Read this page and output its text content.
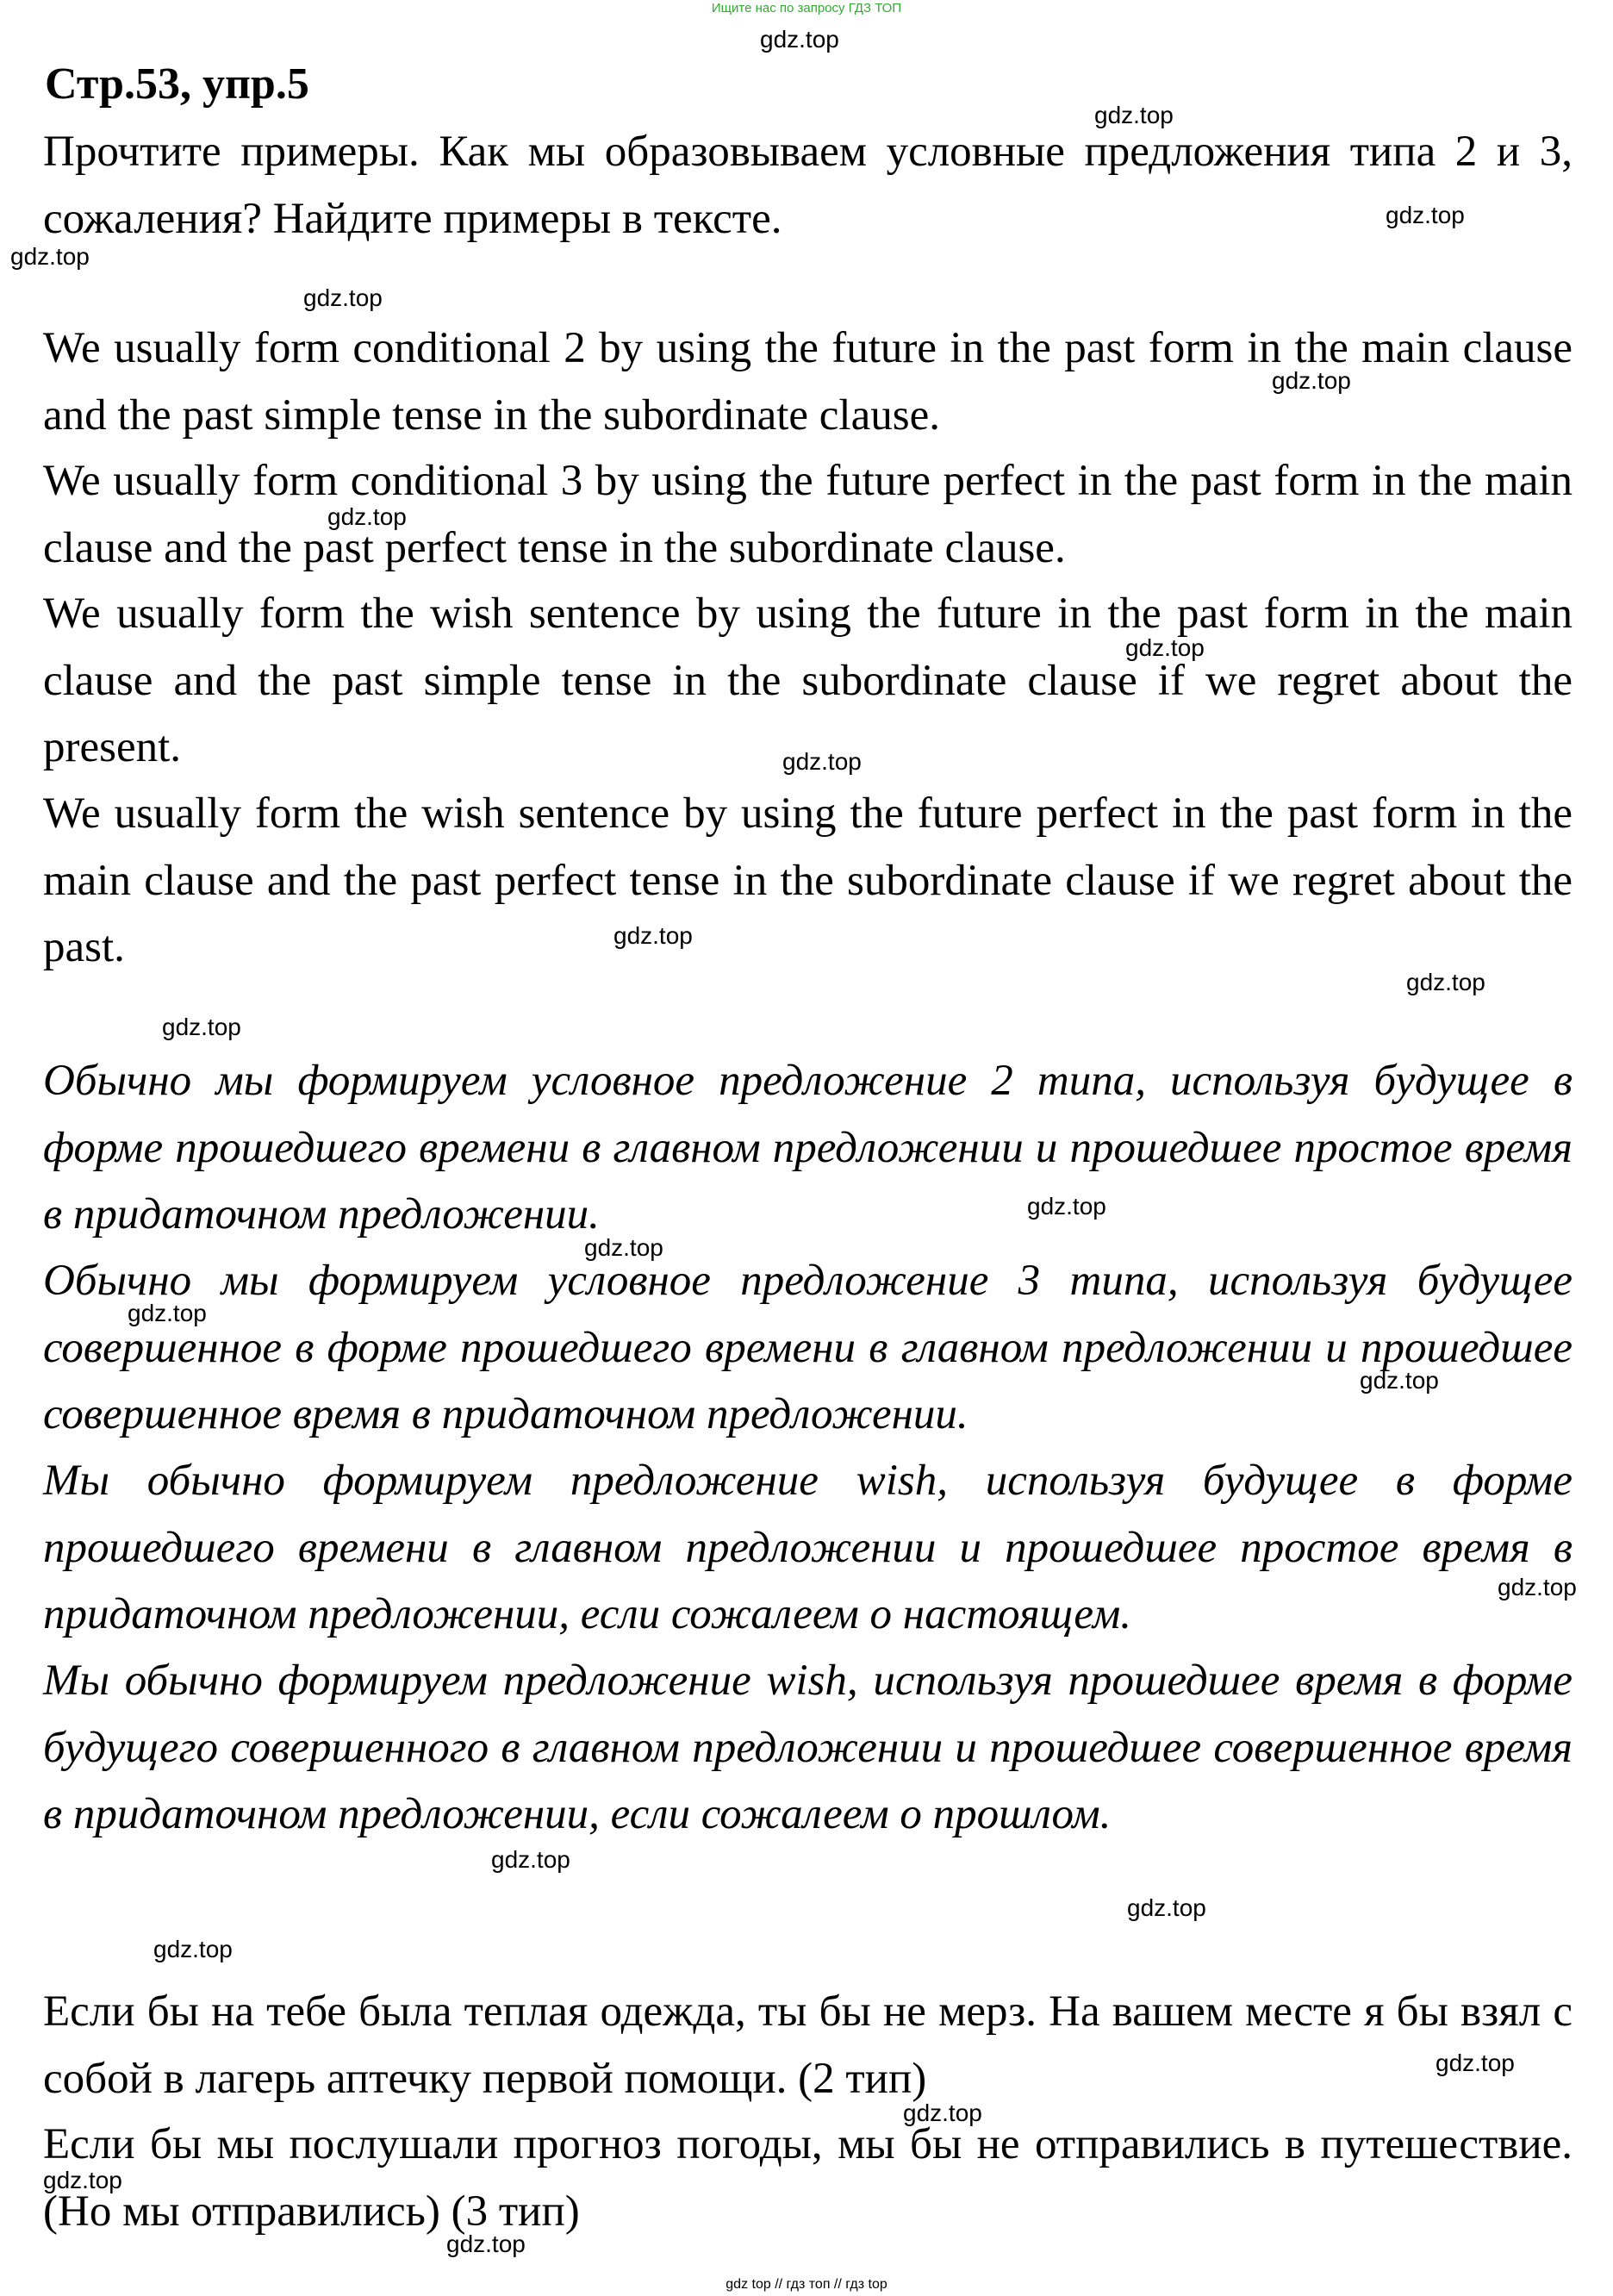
Ищите нас по запросу ГДЗ ТОП
Стр.53, упр.5

Прочтите примеры. Как мы образовываем условные предложения типа 2 и 3, сожаления? Найдите примеры в тексте.

We usually form conditional 2 by using the future in the past form in the main clause and the past simple tense in the subordinate clause.

We usually form conditional 3 by using the future perfect in the past form in the main clause and the past perfect tense in the subordinate clause.

We usually form the wish sentence by using the future in the past form in the main clause and the past simple tense in the subordinate clause if we regret about the present.

We usually form the wish sentence by using the future perfect in the past form in the main clause and the past perfect tense in the subordinate clause if we regret about the past.

Обычно мы формируем условное предложение 2 типа, используя будущее в форме прошедшего времени в главном предложении и прошедшее простое время в придаточном предложении.

Обычно мы формируем условное предложение 3 типа, используя будущее совершенное в форме прошедшего времени в главном предложении и прошедшее совершенное время в придаточном предложении.

Мы обычно формируем предложение wish, используя будущее в форме прошедшего времени в главном предложении и прошедшее простое время в придаточном предложении, если сожалеем о настоящем.

Мы обычно формируем предложение wish, используя прошедшее время в форме будущего совершенного в главном предложении и прошедшее совершенное время в придаточном предложении, если сожалеем о прошлом.

Если бы на тебе была теплая одежда, ты бы не мерз. На вашем месте я бы взял с собой в лагерь аптечку первой помощи. (2 тип)

Если бы мы послушали прогноз погоды, мы бы не отправились в путешествие. (Но мы отправились) (3 тип)

gdz.top
gdz.top
gdz.top
gdz.top
gdz.top
gdz.top
gdz.top
gdz.top
gdz.top
gdz.top
gdz.top
gdz.top
gdz.top
gdz.top
gdz.top
gdz.top
gdz.top
gdz.top
gdz.top
gdz.top
gdz.top
gdz.top
gdz.top
gdz.top
gdz top // гдз топ // гдз top
